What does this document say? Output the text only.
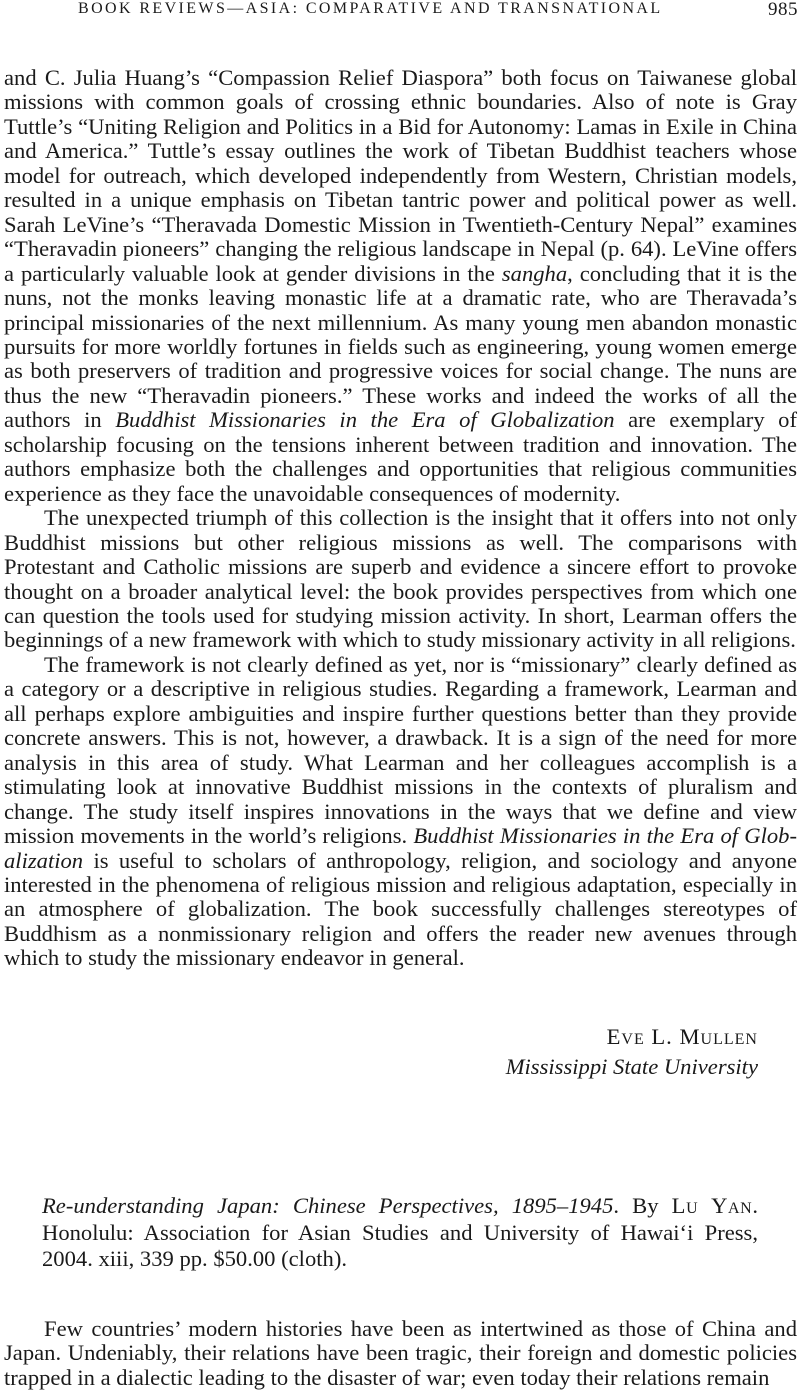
BOOK REVIEWS—ASIA: COMPARATIVE AND TRANSNATIONAL	985

and C. Julia Huang’s “Compassion Relief Diaspora” both focus on Taiwanese global missions with common goals of crossing ethnic boundaries. Also of note is Gray Tuttle’s “Uniting Religion and Politics in a Bid for Autonomy: Lamas in Exile in China and America.” Tuttle’s essay outlines the work of Tibetan Buddhist teachers whose model for outreach, which developed independently from Western, Christian models, resulted in a unique emphasis on Tibetan tantric power and political power as well. Sarah LeVine’s “Theravada Domestic Mission in Twentieth-Century Nepal” examines “Theravadin pioneers” changing the religious landscape in Nepal (p. 64). LeVine offers a particularly valuable look at gender divisions in the sangha, concluding that it is the nuns, not the monks leaving monastic life at a dramatic rate, who are Theravada’s principal missionaries of the next millennium. As many young men abandon monastic pursuits for more worldly fortunes in fields such as engineering, young women emerge as both preservers of tradition and progressive voices for social change. The nuns are thus the new “Theravadin pioneers.” These works and indeed the works of all the authors in Buddhist Missionaries in the Era of Globalization are exemplary of scholarship focusing on the tensions inherent between tradition and innovation. The authors emphasize both the challenges and opportunities that religious communities experience as they face the unavoidable consequences of modernity.

The unexpected triumph of this collection is the insight that it offers into not only Buddhist missions but other religious missions as well. The comparisons with Protestant and Catholic missions are superb and evidence a sincere effort to provoke thought on a broader analytical level: the book provides perspectives from which one can question the tools used for studying mission activity. In short, Learman offers the beginnings of a new framework with which to study missionary activity in all religions.

The framework is not clearly defined as yet, nor is “missionary” clearly defined as a category or a descriptive in religious studies. Regarding a framework, Learman and all perhaps explore ambiguities and inspire further questions better than they provide concrete answers. This is not, however, a drawback. It is a sign of the need for more analysis in this area of study. What Learman and her colleagues accomplish is a stimulating look at innovative Buddhist missions in the contexts of pluralism and change. The study itself inspires innovations in the ways that we define and view mission movements in the world’s religions. Buddhist Missionaries in the Era of Globalization is useful to scholars of anthropology, religion, and sociology and anyone interested in the phenomena of religious mission and religious adaptation, especially in an atmosphere of globalization. The book successfully challenges stereotypes of Buddhism as a nonmissionary religion and offers the reader new avenues through which to study the missionary endeavor in general.

Eve L. Mullen
Mississippi State University
Re-understanding Japan: Chinese Perspectives, 1895–1945. By Lu Yan. Honolulu: Association for Asian Studies and University of Hawai‘i Press, 2004. xiii, 339 pp. $50.00 (cloth).
Few countries’ modern histories have been as intertwined as those of China and Japan. Undeniably, their relations have been tragic, their foreign and domestic policies trapped in a dialectic leading to the disaster of war; even today their relations remain
